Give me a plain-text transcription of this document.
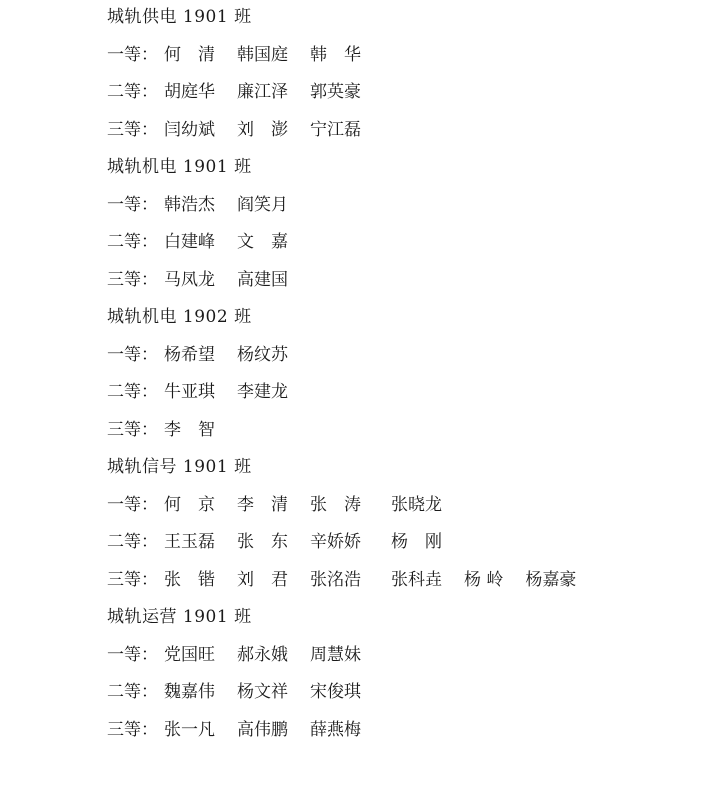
城轨供电 1901 班
一等： 何　清 韩国庭 韩　华
二等： 胡庭华 廉江泽 郭英豪
三等： 闫幼斌 刘　澎 宁江磊
城轨机电 1901 班
一等： 韩浩杰 阎笑月
二等： 白建峰 文　嘉
三等： 马凤龙 高建国
城轨机电 1902 班
一等： 杨希望 杨纹苏
二等： 牛亚琪 李建龙
三等： 李　智
城轨信号 1901 班
一等： 何　京 李　清 张　涛 张晓龙
二等： 王玉磊 张　东 辛娇娇 杨　刚
三等： 张　锴 刘　君 张洺浩 张科垚 杨 岭 杨嘉豪
城轨运营 1901 班
一等： 党国旺 郝永娥 周慧妹
二等： 魏嘉伟 杨文祥 宋俊琪
三等： 张一凡 高伟鹏 薛燕梅
